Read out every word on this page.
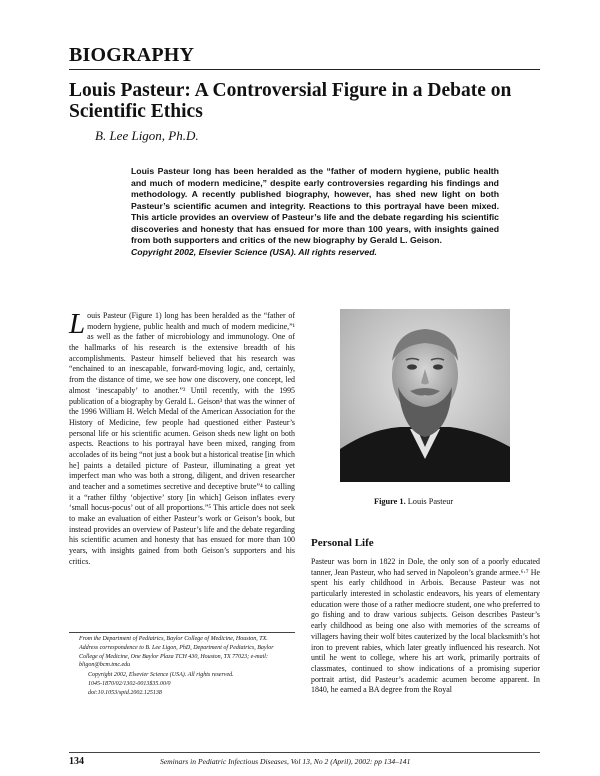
BIOGRAPHY
Louis Pasteur: A Controversial Figure in a Debate on Scientific Ethics
B. Lee Ligon, Ph.D.
Louis Pasteur long has been heralded as the “father of modern hygiene, public health and much of modern medicine,” despite early controversies regarding his findings and methodology. A recently published biography, however, has shed new light on both Pasteur’s scientific acumen and integrity. Reactions to this portrayal have been mixed. This article provides an overview of Pasteur’s life and the debate regarding his scientific discoveries and honesty that has ensued for more than 100 years, with insights gained from both supporters and critics of the new biography by Gerald L. Geison.
Copyright 2002, Elsevier Science (USA). All rights reserved.
Louis Pasteur (Figure 1) long has been heralded as the “father of modern hygiene, public health and much of modern medicine,”¹ as well as the father of microbiology and immunology. One of the hallmarks of his research is the extensive breadth of his accomplishments. Pasteur himself believed that his research was “enchained to an inescapable, forward-moving logic, and, certainly, from the distance of time, we see how one discovery, one concept, led almost ‘inescapably’ to another.”² Until recently, with the 1995 publication of a biography by Gerald L. Geison³ that was the winner of the 1996 William H. Welch Medal of the American Association for the History of Medicine, few people had questioned either Pasteur’s personal life or his scientific acumen. Geison sheds new light on both aspects. Reactions to his portrayal have been mixed, ranging from accolades of its being “not just a book but a historical treatise [in which he] paints a detailed picture of Pasteur, illuminating a great yet imperfect man who was both a strong, diligent, and driven researcher and teacher and a sometimes secretive and deceptive brute”⁴ to calling it a “rather filthy ‘objective’ story [in which] Geison inflates every ‘small hocus-pocus’ out of all proportions.”⁵ This article does not seek to make an evaluation of either Pasteur’s work or Geison’s book, but instead provides an overview of Pasteur’s life and the debate regarding his scientific acumen and honesty that has ensued for more than 100 years, with insights gained from both Geison’s supporters and his critics.
Figure 1. Louis Pasteur
Personal Life
Pasteur was born in 1822 in Dole, the only son of a poorly educated tanner, Jean Pasteur, who had served in Napoleon’s grande armee.⁶‧⁷ He spent his early childhood in Arbois. Because Pasteur was not particularly interested in scholastic endeavors, his years of elementary education were those of a rather mediocre student, one who preferred to go fishing and to draw various subjects. Geison describes Pasteur’s early childhood as being one also with memories of the screams of villagers having their wolf bites cauterized by the local blacksmith’s hot iron to prevent rabies, which later greatly influenced his research. Not until he went to college, where his art work, primarily portraits of classmates, continued to show indications of a promising superior portrait artist, did Pasteur’s academic acumen become apparent. In 1840, he earned a BA degree from the Royal

From the Department of Pediatrics, Baylor College of Medicine, Houston, TX.

Address correspondence to B. Lee Ligon, PhD, Department of Pediatrics, Baylor College of Medicine, One Baylor Plaza TCH 430, Houston, TX 77023; e-mail: bligon@bcm.tmc.edu

Copyright 2002, Elsevier Science (USA). All rights reserved.

1045-1870/02/1302-0013$35.00/0

doi:10.1053/spid.2002.125138

134	Seminars in Pediatric Infectious Diseases, Vol 13, No 2 (April), 2002: pp 134–141
